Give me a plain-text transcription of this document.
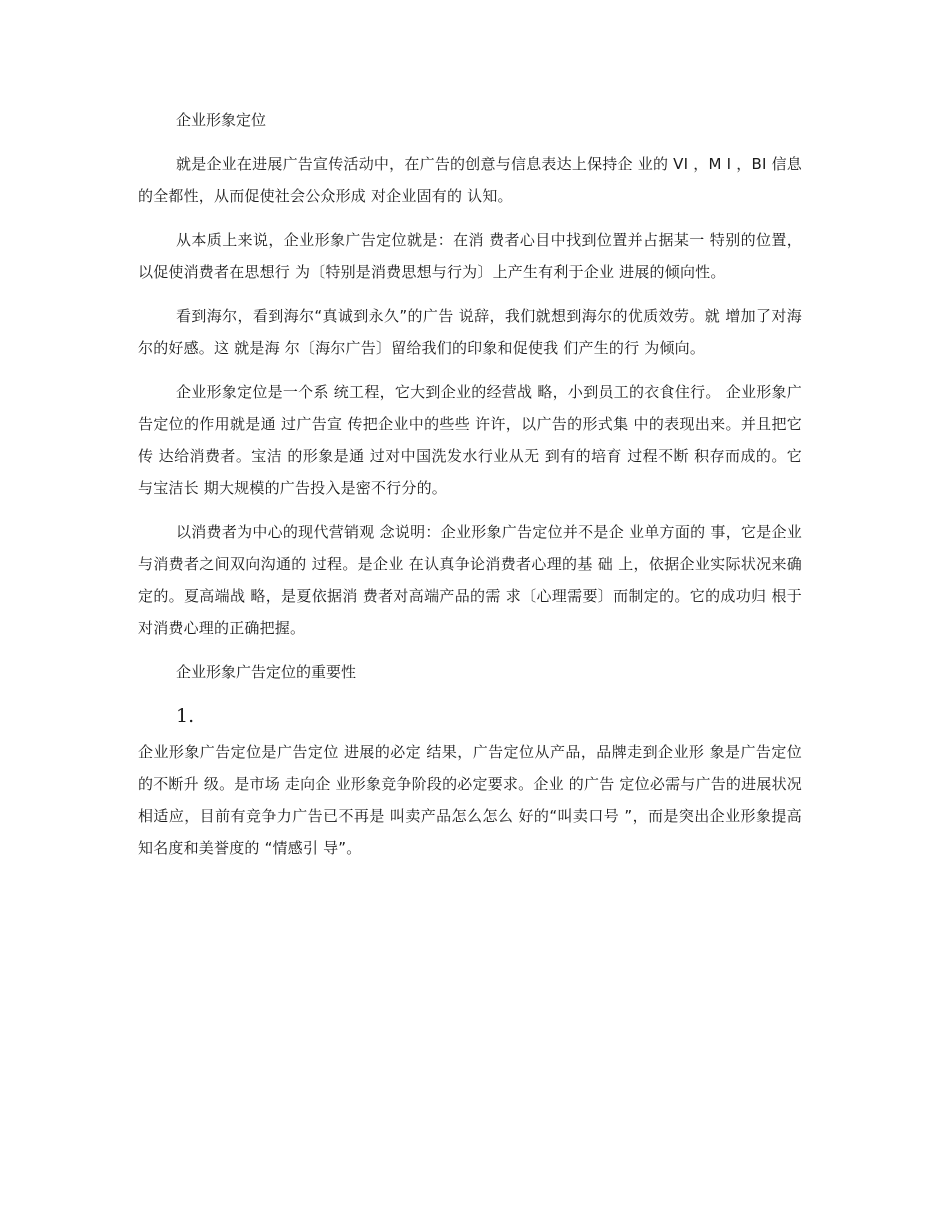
企业形象定位

就是企业在进展广告宣传活动中，在广告的创意与信息表达上保持企 业的 VI ，M I ，BI 信息的全都性，从而促使社会公众形成 对企业固有的 认知。

从本质上来说，企业形象广告定位就是：在消 费者心目中找到位置并占据某一 特别的位置，以促使消费者在思想行 为〔特别是消费思想与行为〕上产生有利于企业 进展的倾向性。

看到海尔，看到海尔“真诚到永久”的广告 说辞，我们就想到海尔的优质效劳。就 增加了对海尔的好感。这 就是海 尔〔海尔广告〕留给我们的印象和促使我 们产生的行 为倾向。

企业形象定位是一个系 统工程，它大到企业的经营战 略，小到员工的衣食住行。 企业形象广告定位的作用就是通 过广告宣 传把企业中的些些 许许，以广告的形式集 中的表现出来。并且把它传 达给消费者。宝洁 的形象是通 过对中国洗发水行业从无 到有的培育 过程不断 积存而成的。它与宝洁长 期大规模的广告投入是密不行分的。

以消费者为中心的现代营销观 念说明：企业形象广告定位并不是企 业单方面的 事，它是企业与消费者之间双向沟通的 过程。是企业 在认真争论消费者心理的基 础 上，依据企业实际状况来确定的。夏高端战 略，是夏依据消 费者对高端产品的需 求〔心理需要〕而制定的。它的成功归 根于 对消费心理的正确把握。

企业形象广告定位的重要性
1.

企业形象广告定位是广告定位 进展的必定 结果，广告定位从产品，品牌走到企业形 象是广告定位的不断升 级。是市场 走向企 业形象竞争阶段的必定要求。企业 的广告 定位必需与广告的进展状况相适应，目前有竞争力广告已不再是 叫卖产品怎么怎么 好的“叫卖口号 ”，而是突出企业形象提高知名度和美誉度的 “情感引 导”。
